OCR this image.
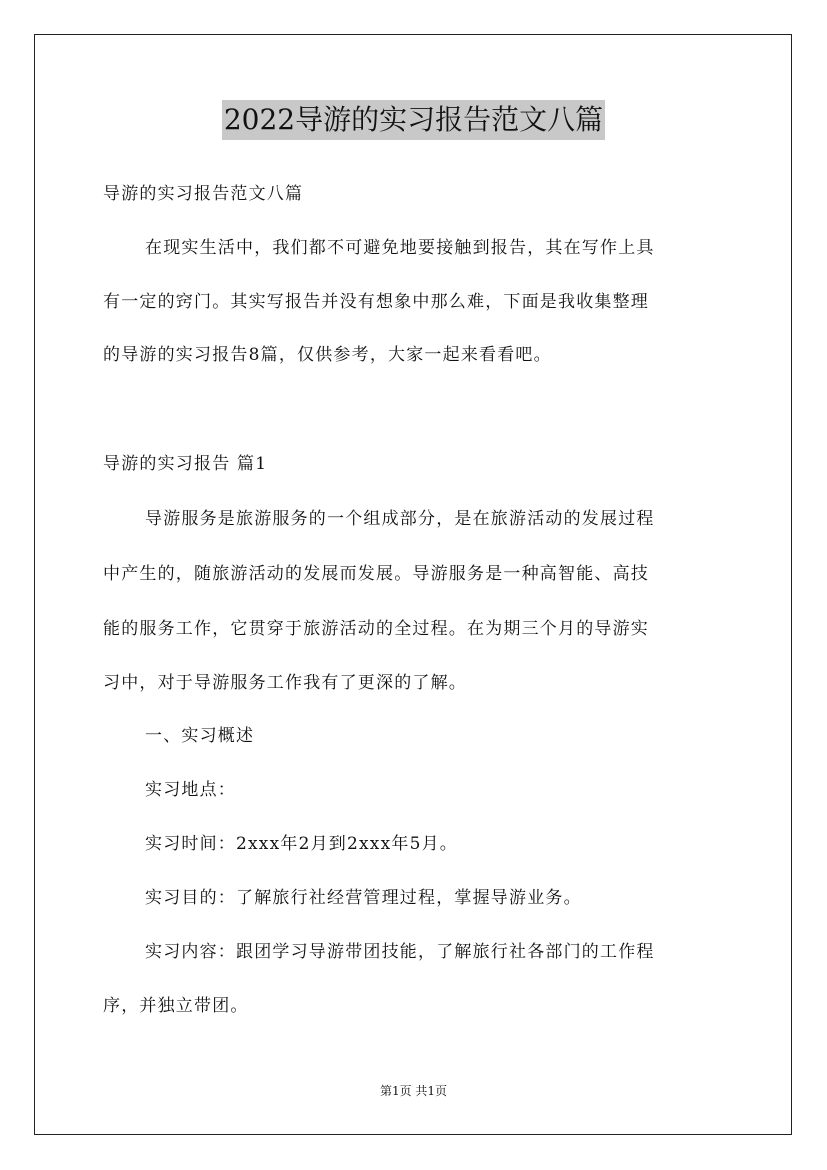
2022导游的实习报告范文八篇
导游的实习报告范文八篇
在现实生活中，我们都不可避免地要接触到报告，其在写作上具
有一定的窍门。其实写报告并没有想象中那么难，下面是我收集整理
的导游的实习报告8篇，仅供参考，大家一起来看看吧。
导游的实习报告 篇1
导游服务是旅游服务的一个组成部分，是在旅游活动的发展过程
中产生的，随旅游活动的发展而发展。导游服务是一种高智能、高技
能的服务工作，它贯穿于旅游活动的全过程。在为期三个月的导游实
习中，对于导游服务工作我有了更深的了解。
一、实习概述
实习地点：
实习时间：2xxx年2月到2xxx年5月。
实习目的：了解旅行社经营管理过程，掌握导游业务。
实习内容：跟团学习导游带团技能，了解旅行社各部门的工作程
序，并独立带团。
第1页 共1页
